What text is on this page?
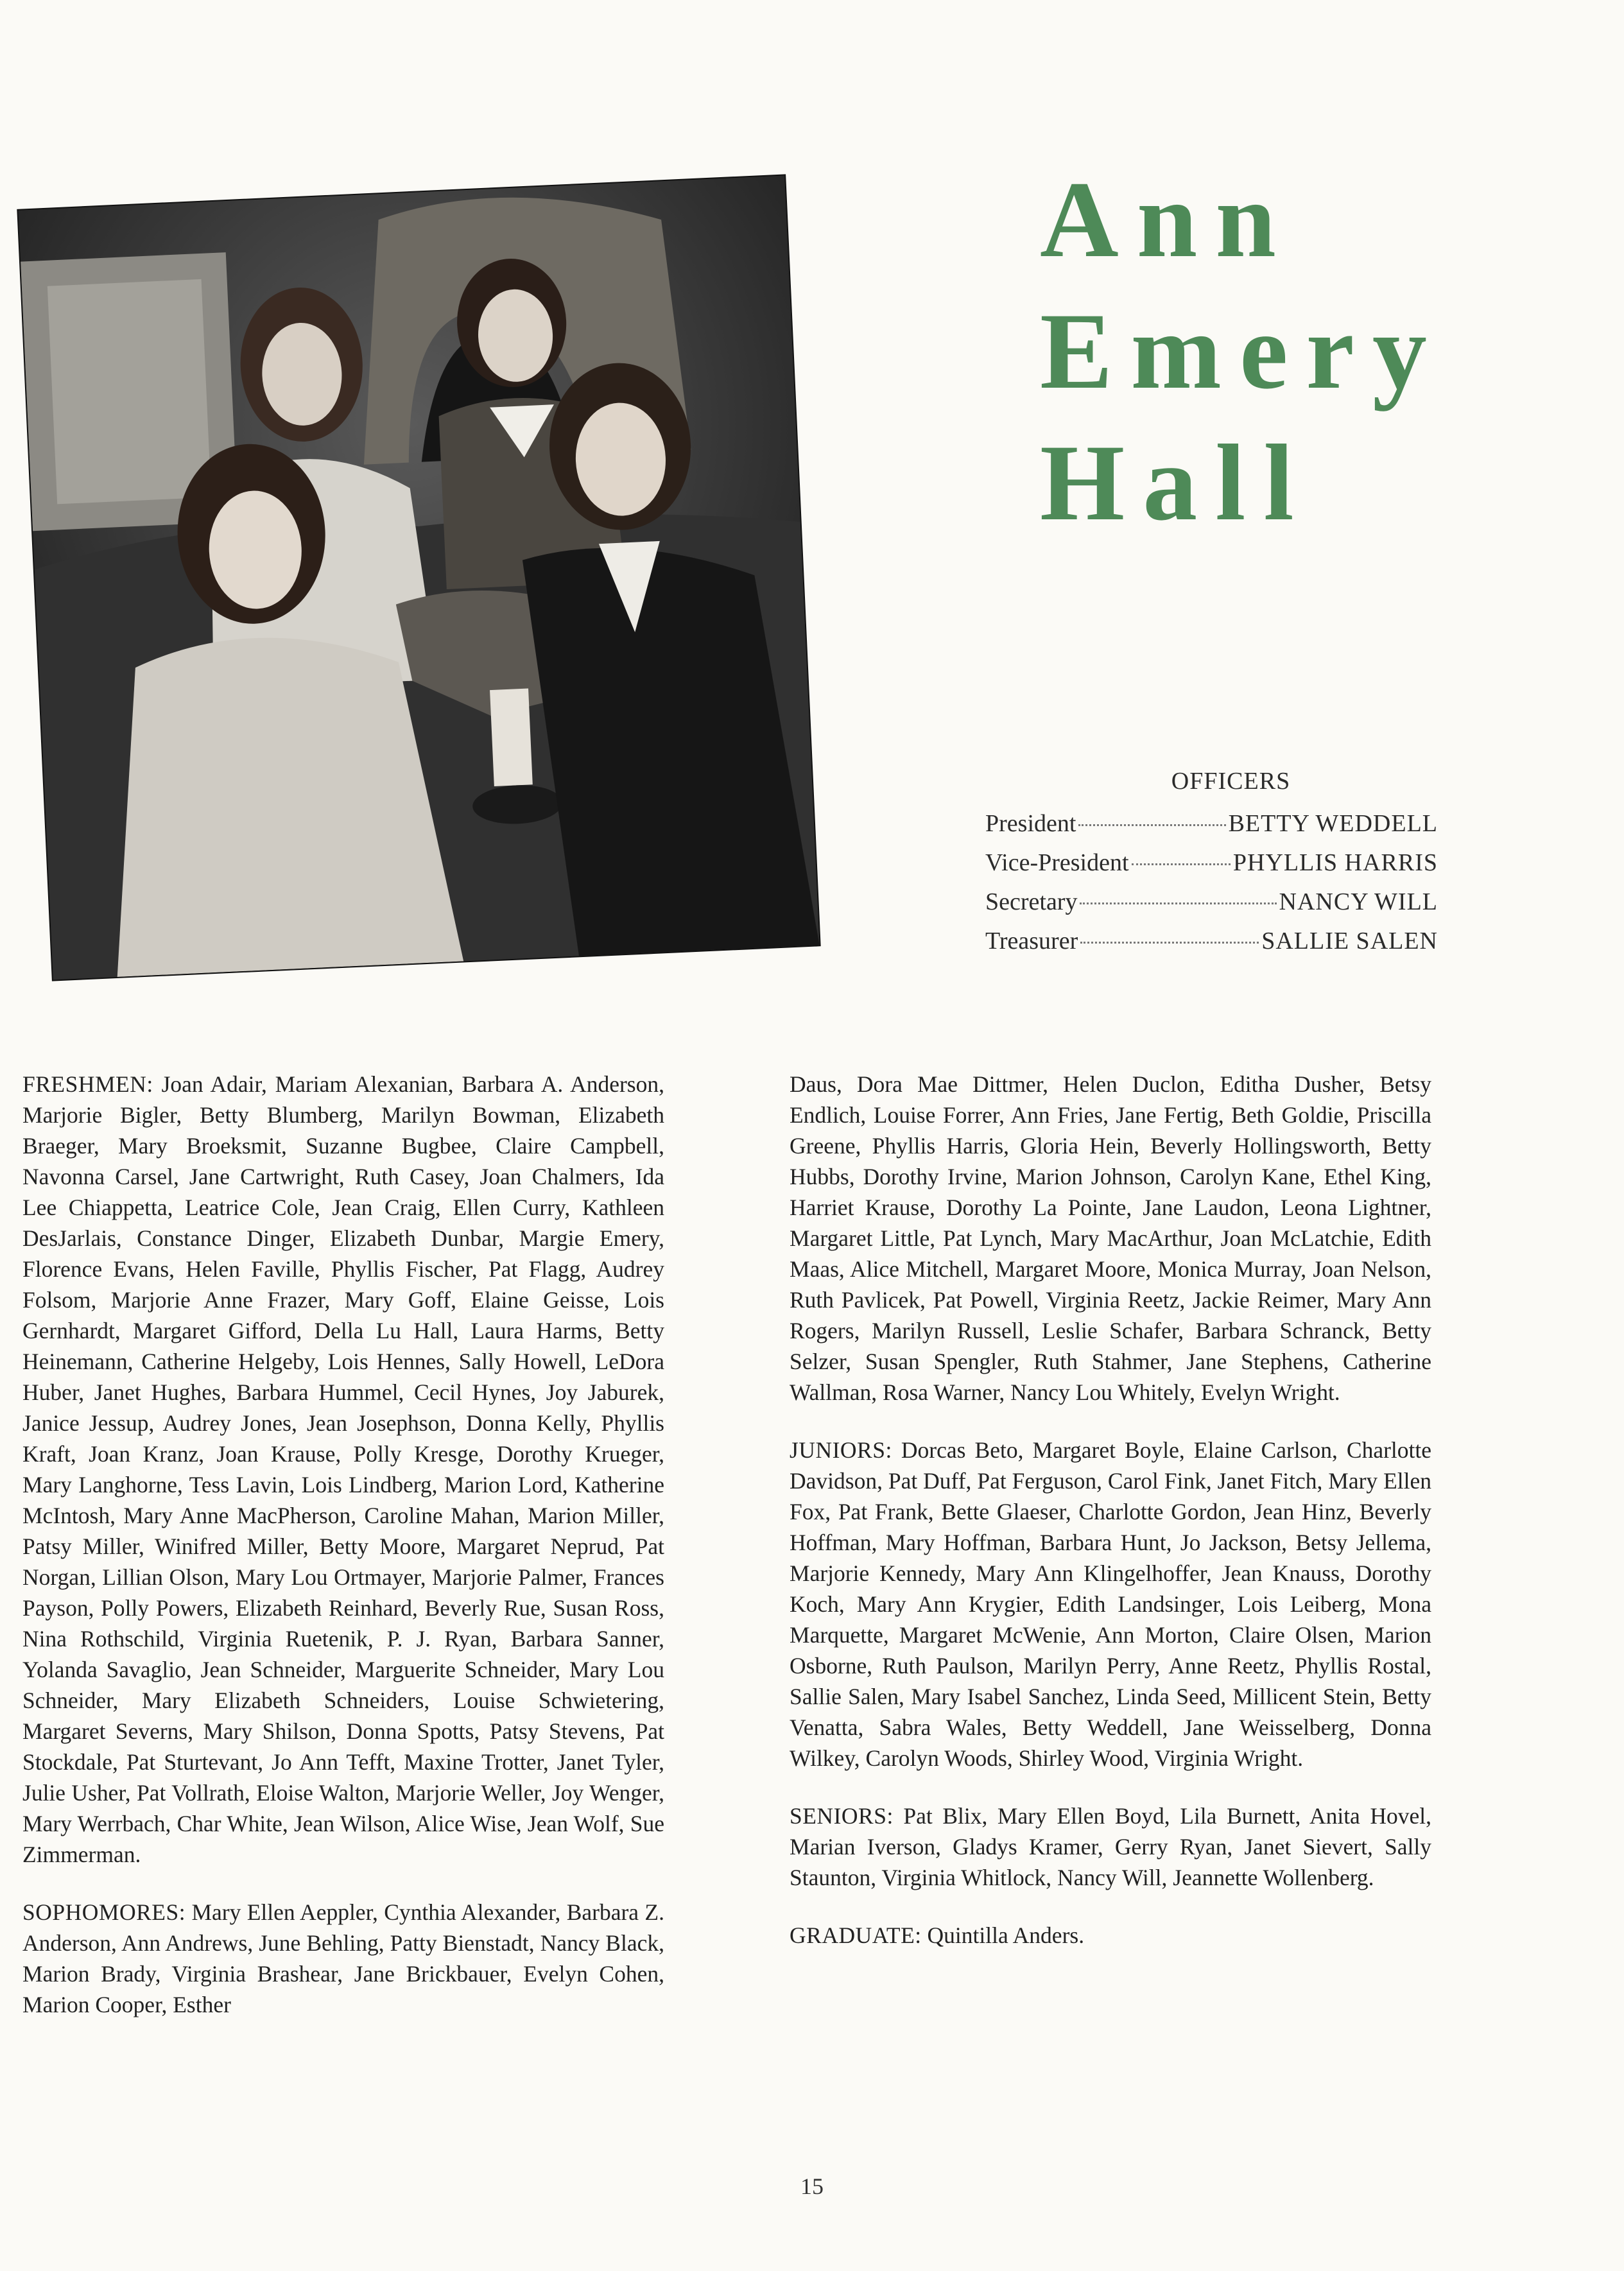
Ann
Emery
Hall
OFFICERS
President	BETTY WEDDELL
Vice-President	PHYLLIS HARRIS
Secretary	NANCY WILL
Treasurer	SALLIE SALEN

FRESHMEN: Joan Adair, Mariam Alexanian, Barbara A. Anderson, Marjorie Bigler, Betty Blumberg, Marilyn Bowman, Elizabeth Braeger, Mary Broeksmit, Suzanne Bugbee, Claire Campbell, Navonna Carsel, Jane Cartwright, Ruth Casey, Joan Chalmers, Ida Lee Chiappetta, Leatrice Cole, Jean Craig, Ellen Curry, Kathleen DesJarlais, Constance Dinger, Elizabeth Dunbar, Margie Emery, Florence Evans, Helen Faville, Phyllis Fischer, Pat Flagg, Audrey Folsom, Marjorie Anne Frazer, Mary Goff, Elaine Geisse, Lois Gernhardt, Margaret Gifford, Della Lu Hall, Laura Harms, Betty Heinemann, Catherine Helgeby, Lois Hennes, Sally Howell, LeDora Huber, Janet Hughes, Barbara Hummel, Cecil Hynes, Joy Jaburek, Janice Jessup, Audrey Jones, Jean Josephson, Donna Kelly, Phyllis Kraft, Joan Kranz, Joan Krause, Polly Kresge, Dorothy Krueger, Mary Langhorne, Tess Lavin, Lois Lindberg, Marion Lord, Katherine McIntosh, Mary Anne MacPherson, Caroline Mahan, Marion Miller, Patsy Miller, Winifred Miller, Betty Moore, Margaret Neprud, Pat Norgan, Lillian Olson, Mary Lou Ortmayer, Marjorie Palmer, Frances Payson, Polly Powers, Elizabeth Reinhard, Beverly Rue, Susan Ross, Nina Rothschild, Virginia Ruetenik, P. J. Ryan, Barbara Sanner, Yolanda Savaglio, Jean Schneider, Marguerite Schneider, Mary Lou Schneider, Mary Elizabeth Schneiders, Louise Schwietering, Margaret Severns, Mary Shilson, Donna Spotts, Patsy Stevens, Pat Stockdale, Pat Sturtevant, Jo Ann Tefft, Maxine Trotter, Janet Tyler, Julie Usher, Pat Vollrath, Eloise Walton, Marjorie Weller, Joy Wenger, Mary Werrbach, Char White, Jean Wilson, Alice Wise, Jean Wolf, Sue Zimmerman.

SOPHOMORES: Mary Ellen Aeppler, Cynthia Alexander, Barbara Z. Anderson, Ann Andrews, June Behling, Patty Bienstadt, Nancy Black, Marion Brady, Virginia Brashear, Jane Brickbauer, Evelyn Cohen, Marion Cooper, Esther

Daus, Dora Mae Dittmer, Helen Duclon, Editha Dusher, Betsy Endlich, Louise Forrer, Ann Fries, Jane Fertig, Beth Goldie, Priscilla Greene, Phyllis Harris, Gloria Hein, Beverly Hollingsworth, Betty Hubbs, Dorothy Irvine, Marion Johnson, Carolyn Kane, Ethel King, Harriet Krause, Dorothy La Pointe, Jane Laudon, Leona Lightner, Margaret Little, Pat Lynch, Mary MacArthur, Joan McLatchie, Edith Maas, Alice Mitchell, Margaret Moore, Monica Murray, Joan Nelson, Ruth Pavlicek, Pat Powell, Virginia Reetz, Jackie Reimer, Mary Ann Rogers, Marilyn Russell, Leslie Schafer, Barbara Schranck, Betty Selzer, Susan Spengler, Ruth Stahmer, Jane Stephens, Catherine Wallman, Rosa Warner, Nancy Lou Whitely, Evelyn Wright.

JUNIORS: Dorcas Beto, Margaret Boyle, Elaine Carlson, Charlotte Davidson, Pat Duff, Pat Ferguson, Carol Fink, Janet Fitch, Mary Ellen Fox, Pat Frank, Bette Glaeser, Charlotte Gordon, Jean Hinz, Beverly Hoffman, Mary Hoffman, Barbara Hunt, Jo Jackson, Betsy Jellema, Marjorie Kennedy, Mary Ann Klingelhoffer, Jean Knauss, Dorothy Koch, Mary Ann Krygier, Edith Landsinger, Lois Leiberg, Mona Marquette, Margaret McWenie, Ann Morton, Claire Olsen, Marion Osborne, Ruth Paulson, Marilyn Perry, Anne Reetz, Phyllis Rostal, Sallie Salen, Mary Isabel Sanchez, Linda Seed, Millicent Stein, Betty Venatta, Sabra Wales, Betty Weddell, Jane Weisselberg, Donna Wilkey, Carolyn Woods, Shirley Wood, Virginia Wright.

SENIORS: Pat Blix, Mary Ellen Boyd, Lila Burnett, Anita Hovel, Marian Iverson, Gladys Kramer, Gerry Ryan, Janet Sievert, Sally Staunton, Virginia Whitlock, Nancy Will, Jeannette Wollenberg.

GRADUATE: Quintilla Anders.

15
